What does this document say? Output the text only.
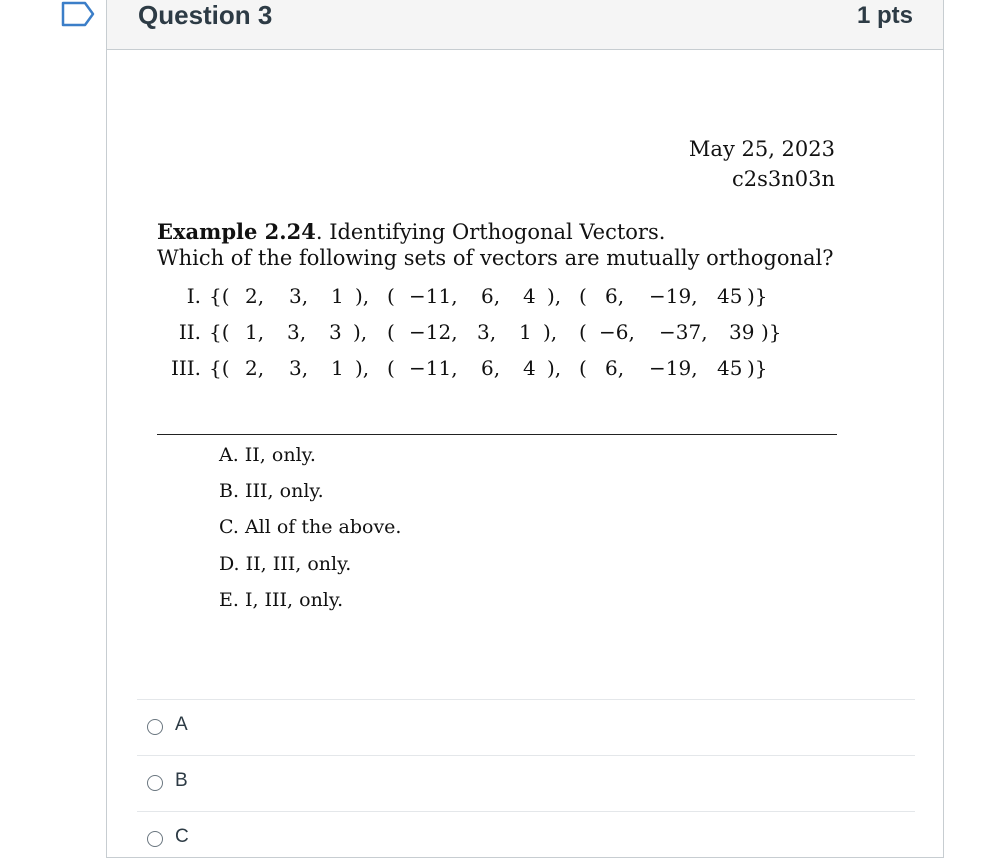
Question 3	1 pts
May 25, 2023
c2s3n03n
Example 2.24. Identifying Orthogonal Vectors.
Which of the following sets of vectors are mutually orthogonal?
I. {( 2, 3, 1 ), ( −11, 6, 4 ), ( 6, −19, 45 )}
II. {( 1, 3, 3 ), ( −12, 3, 1 ), ( −6, −37, 39 )}
III. {( 2, 3, 1 ), ( −11, 6, 4 ), ( 6, −19, 45 )}
A. II, only.
B. III, only.
C. All of the above.
D. II, III, only.
E. I, III, only.
A
B
C
